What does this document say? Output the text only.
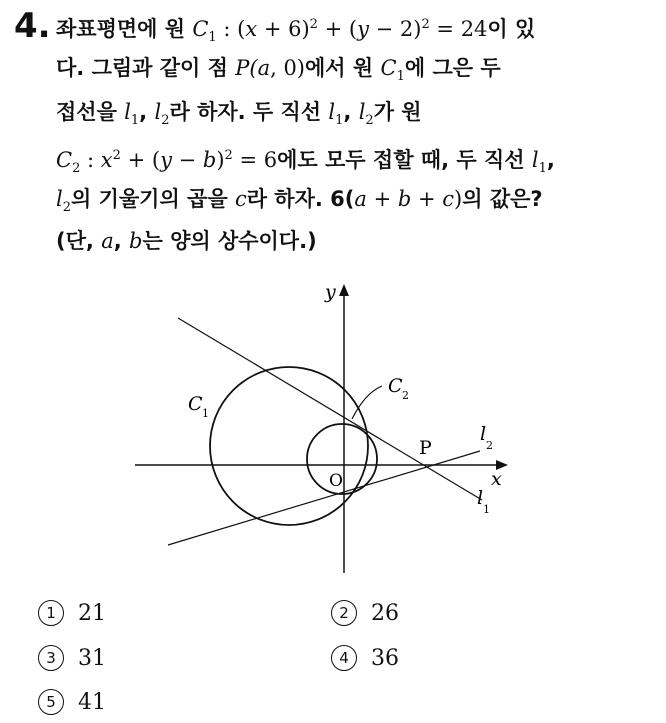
4. 좌표평면에 원 $C_1$ : $(x + 6)^2 + (y - 2)^2 = 24$이 있
다. 그림과 같이 점 P(a, 0)에서 원 $C_1$에 그은 두
접선을 $l_1$, $l_2$라 하자. 두 직선 $l_1$, $l_2$가 원
$C_2$ : $x^2 + (y - b)^2 = 6$에도 모두 접할 때, 두 직선 $l_1$,
$l_2$의 기울기의 곱을 c라 하자. 6(a + b + c)의 값은?
(단, a, b는 양의 상수이다.)
y
x
O
P
C 1
C 2
l
2
l
1
1 21	2 26
3 31	4 36
5 41
